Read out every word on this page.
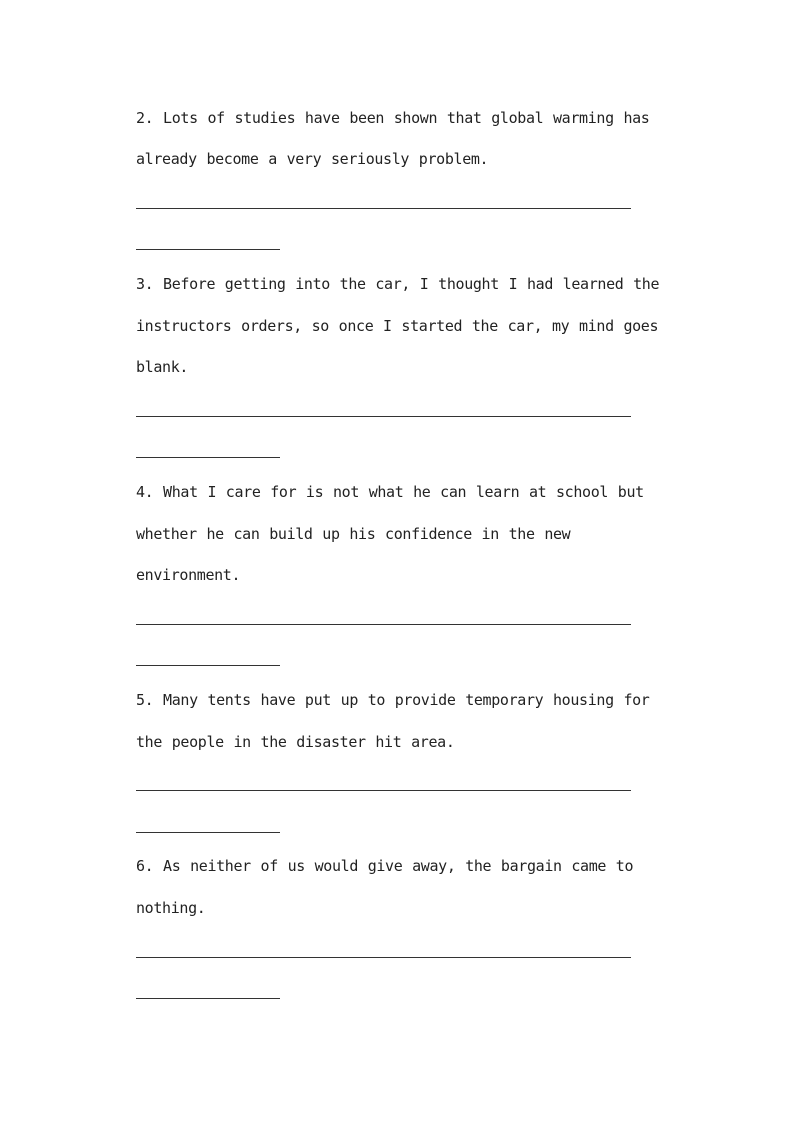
2. Lots of studies have been shown that global warming has
already become a very seriously problem.
3. Before getting into the car, I thought I had learned the
instructors orders, so once I started the car, my mind goes
blank.
4. What I care for is not what he can learn at school but
whether he can build up his confidence in the new
environment.
5. Many tents have put up to provide temporary housing for
the people in the disaster hit area.
6. As neither of us would give away, the bargain came to
nothing.
